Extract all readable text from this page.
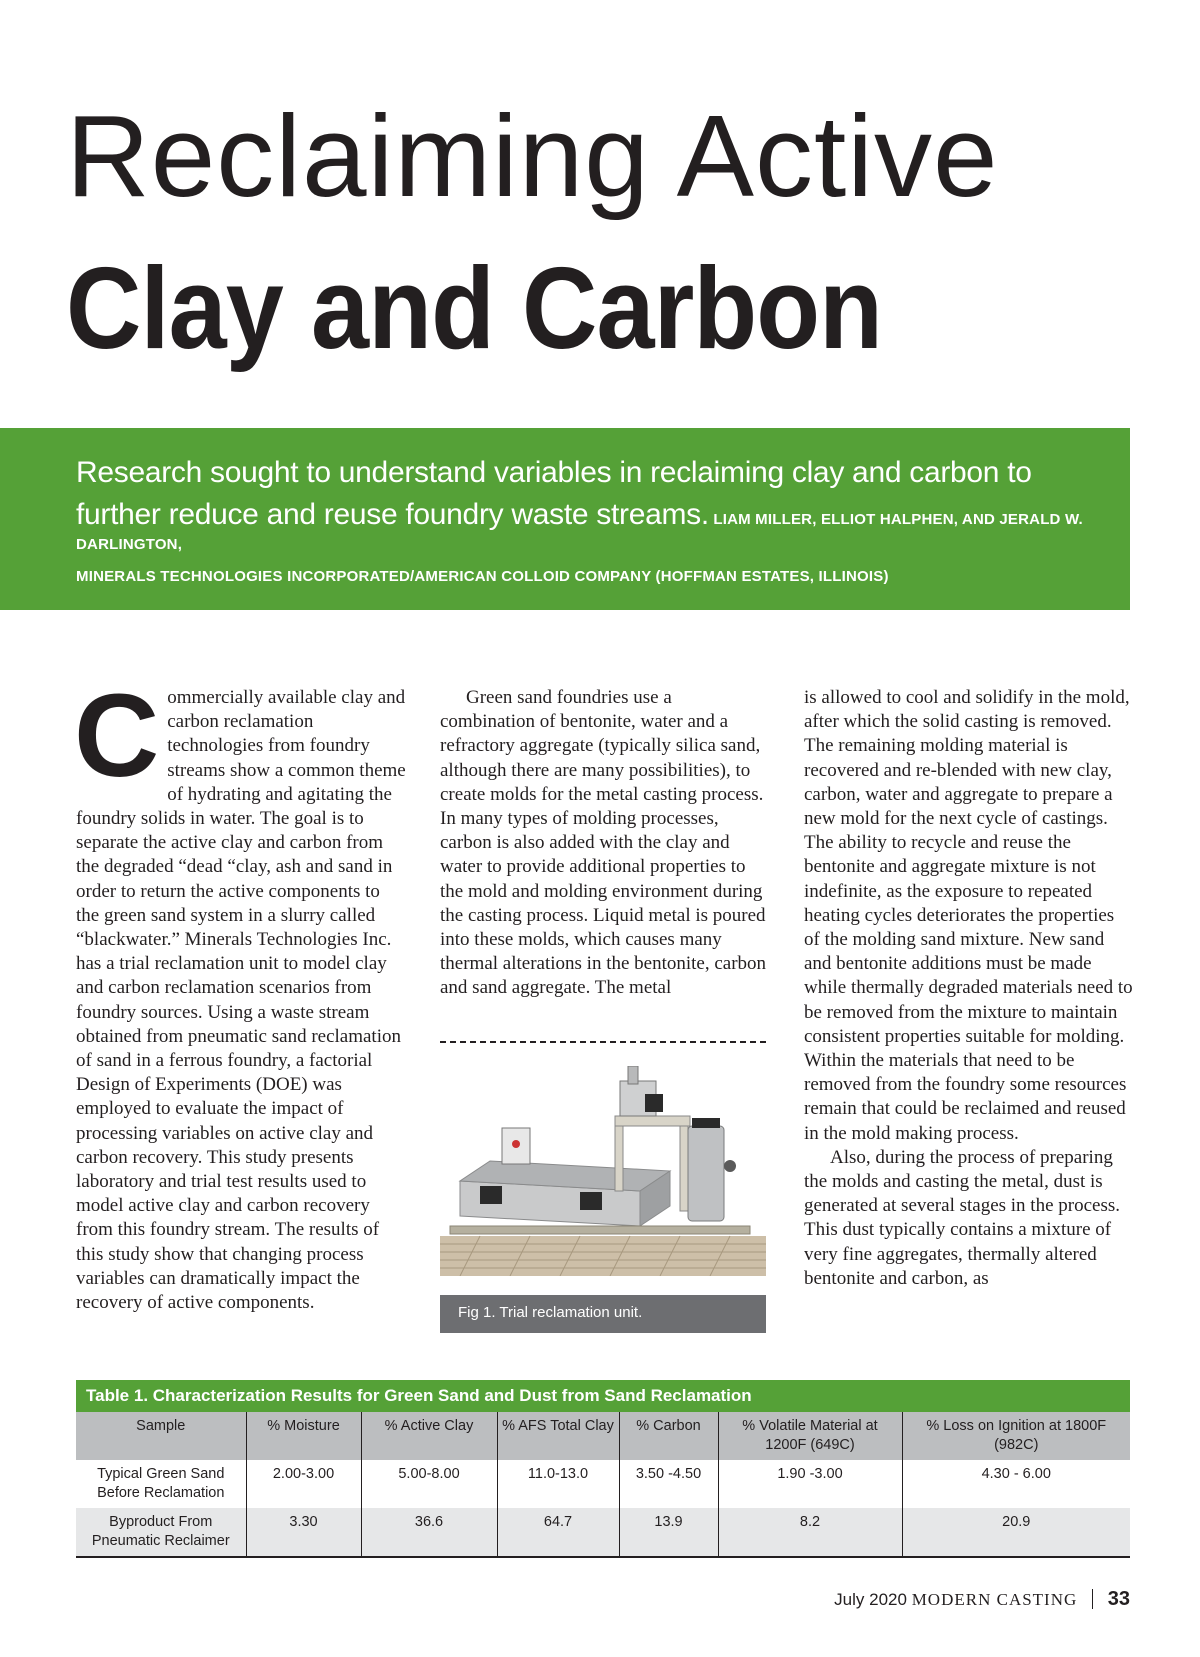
Reclaiming Active
Clay and Carbon
Research sought to understand variables in reclaiming clay and carbon to further reduce and reuse foundry waste streams. LIAM MILLER, ELLIOT HALPHEN, AND JERALD W. DARLINGTON,
MINERALS TECHNOLOGIES INCORPORATED/AMERICAN COLLOID COMPANY (HOFFMAN ESTATES, ILLINOIS)
C ommercially available clay and carbon reclamation technologies from foundry streams show a common theme of hydrating and agitating the foundry solids in water. The goal is to separate the active clay and carbon from the degraded “dead “clay, ash and sand in order to return the active components to the green sand system in a slurry called “blackwater.” Minerals Technologies Inc. has a trial reclamation unit to model clay and carbon reclamation scenarios from foundry sources. Using a waste stream obtained from pneumatic sand reclamation of sand in a ferrous foundry, a factorial Design of Experiments (DOE) was employed to evaluate the impact of processing variables on active clay and carbon recovery. This study presents laboratory and trial test results used to model active clay and carbon recovery from this foundry stream. The results of this study show that changing process variables can dramatically impact the recovery of active components.

Green sand foundries use a combination of bentonite, water and a refractory aggregate (typically silica sand, although there are many possibilities), to create molds for the metal casting process. In many types of molding processes, carbon is also added with the clay and water to provide additional properties to the mold and molding environment during the casting process. Liquid metal is poured into these molds, which causes many thermal alterations in the bentonite, carbon and sand aggregate. The metal

Fig 1. Trial reclamation unit.

is allowed to cool and solidify in the mold, after which the solid casting is removed. The remaining molding material is recovered and re-blended with new clay, carbon, water and aggregate to prepare a new mold for the next cycle of castings. The ability to recycle and reuse the bentonite and aggregate mixture is not indefinite, as the exposure to repeated heating cycles deteriorates the properties of the molding sand mixture. New sand and bentonite additions must be made while thermally degraded materials need to be removed from the mixture to maintain consistent properties suitable for molding. Within the materials that need to be removed from the foundry some resources remain that could be reclaimed and reused in the mold making process.

Also, during the process of preparing the molds and casting the metal, dust is generated at several stages in the process. This dust typically contains a mixture of very fine aggregates, thermally altered bentonite and carbon, as

Table 1. Characterization Results for Green Sand and Dust from Sand Reclamation
Sample	% Moisture	% Active Clay	% AFS Total Clay	% Carbon	% Volatile Material at 1200F (649C)	% Loss on Ignition at 1800F (982C)
Typical Green Sand Before Reclamation	2.00-3.00	5.00-8.00	11.0-13.0	3.50 -4.50	1.90 -3.00	4.30 - 6.00
Byproduct From Pneumatic Reclaimer	3.30	36.6	64.7	13.9	8.2	20.9
July 2020 MODERN CASTING 33
